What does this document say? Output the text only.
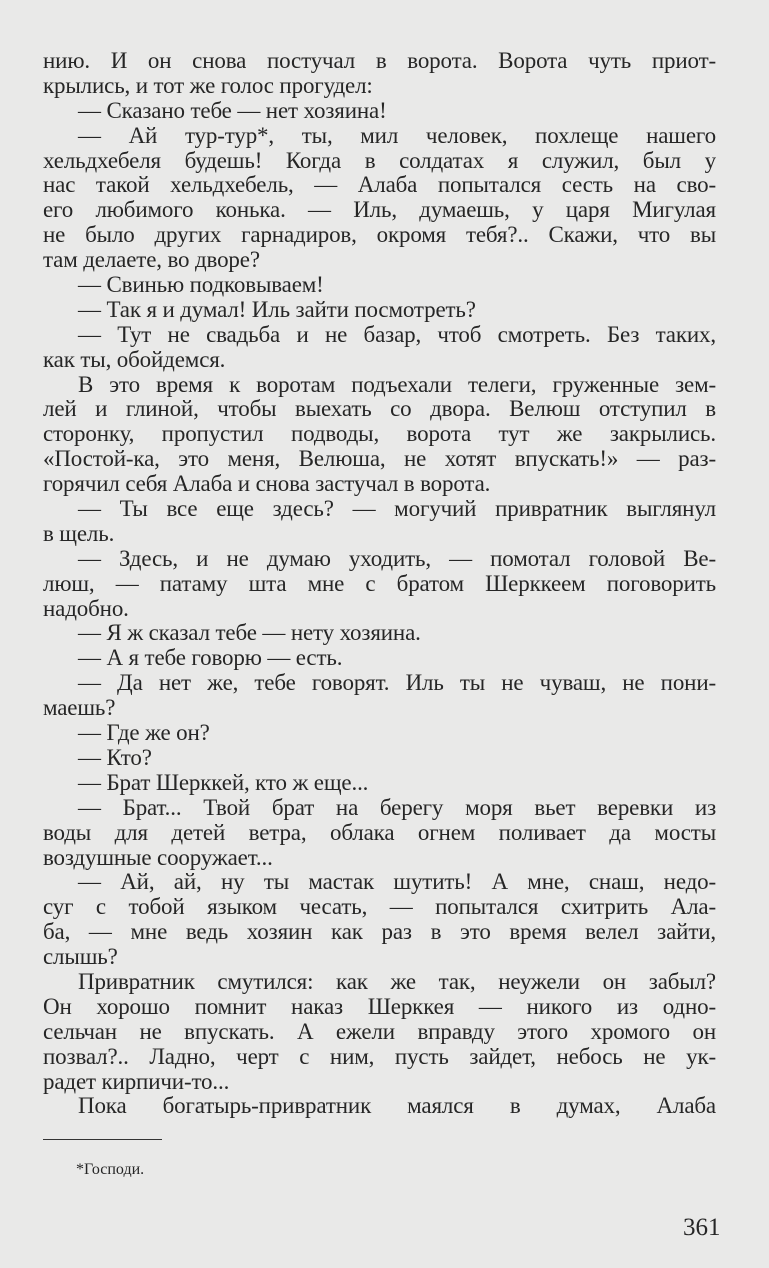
нию. И он снова постучал в ворота. Ворота чуть приот-
крылись, и тот же голос прогудел:
— Сказано тебе — нет хозяина!
— Ай тур-тур*, ты, мил человек, похлеще нашего
хельдхебеля будешь! Когда в солдатах я служил, был у
нас такой хельдхебель, — Алаба попытался сесть на сво-
его любимого конька. — Иль, думаешь, у царя Мигулая
не было других гарнадиров, окромя тебя?.. Скажи, что вы
там делаете, во дворе?
— Свинью подковываем!
— Так я и думал! Иль зайти посмотреть?
— Тут не свадьба и не базар, чтоб смотреть. Без таких,
как ты, обойдемся.
В это время к воротам подъехали телеги, груженные зем-
лей и глиной, чтобы выехать со двора. Велюш отступил в
сторонку, пропустил подводы, ворота тут же закрылись.
«Постой-ка, это меня, Велюша, не хотят впускать!» — раз-
горячил себя Алаба и снова застучал в ворота.
— Ты все еще здесь? — могучий привратник выглянул
в щель.
— Здесь, и не думаю уходить, — помотал головой Ве-
люш, — патаму шта мне с братом Шерккеем поговорить
надобно.
— Я ж сказал тебе — нету хозяина.
— А я тебе говорю — есть.
— Да нет же, тебе говорят. Иль ты не чуваш, не пони-
маешь?
— Где же он?
— Кто?
— Брат Шерккей, кто ж еще...
— Брат... Твой брат на берегу моря вьет веревки из
воды для детей ветра, облака огнем поливает да мосты
воздушные сооружает...
— Ай, ай, ну ты мастак шутить! А мне, снаш, недо-
суг с тобой языком чесать, — попытался схитрить Ала-
ба, — мне ведь хозяин как раз в это время велел зайти,
слышь?
Привратник смутился: как же так, неужели он забыл?
Он хорошо помнит наказ Шерккея — никого из одно-
сельчан не впускать. А ежели вправду этого хромого он
позвал?.. Ладно, черт с ним, пусть зайдет, небось не ук-
радет кирпичи-то...
Пока богатырь-привратник маялся в думах, Алаба
*Господи.
361
